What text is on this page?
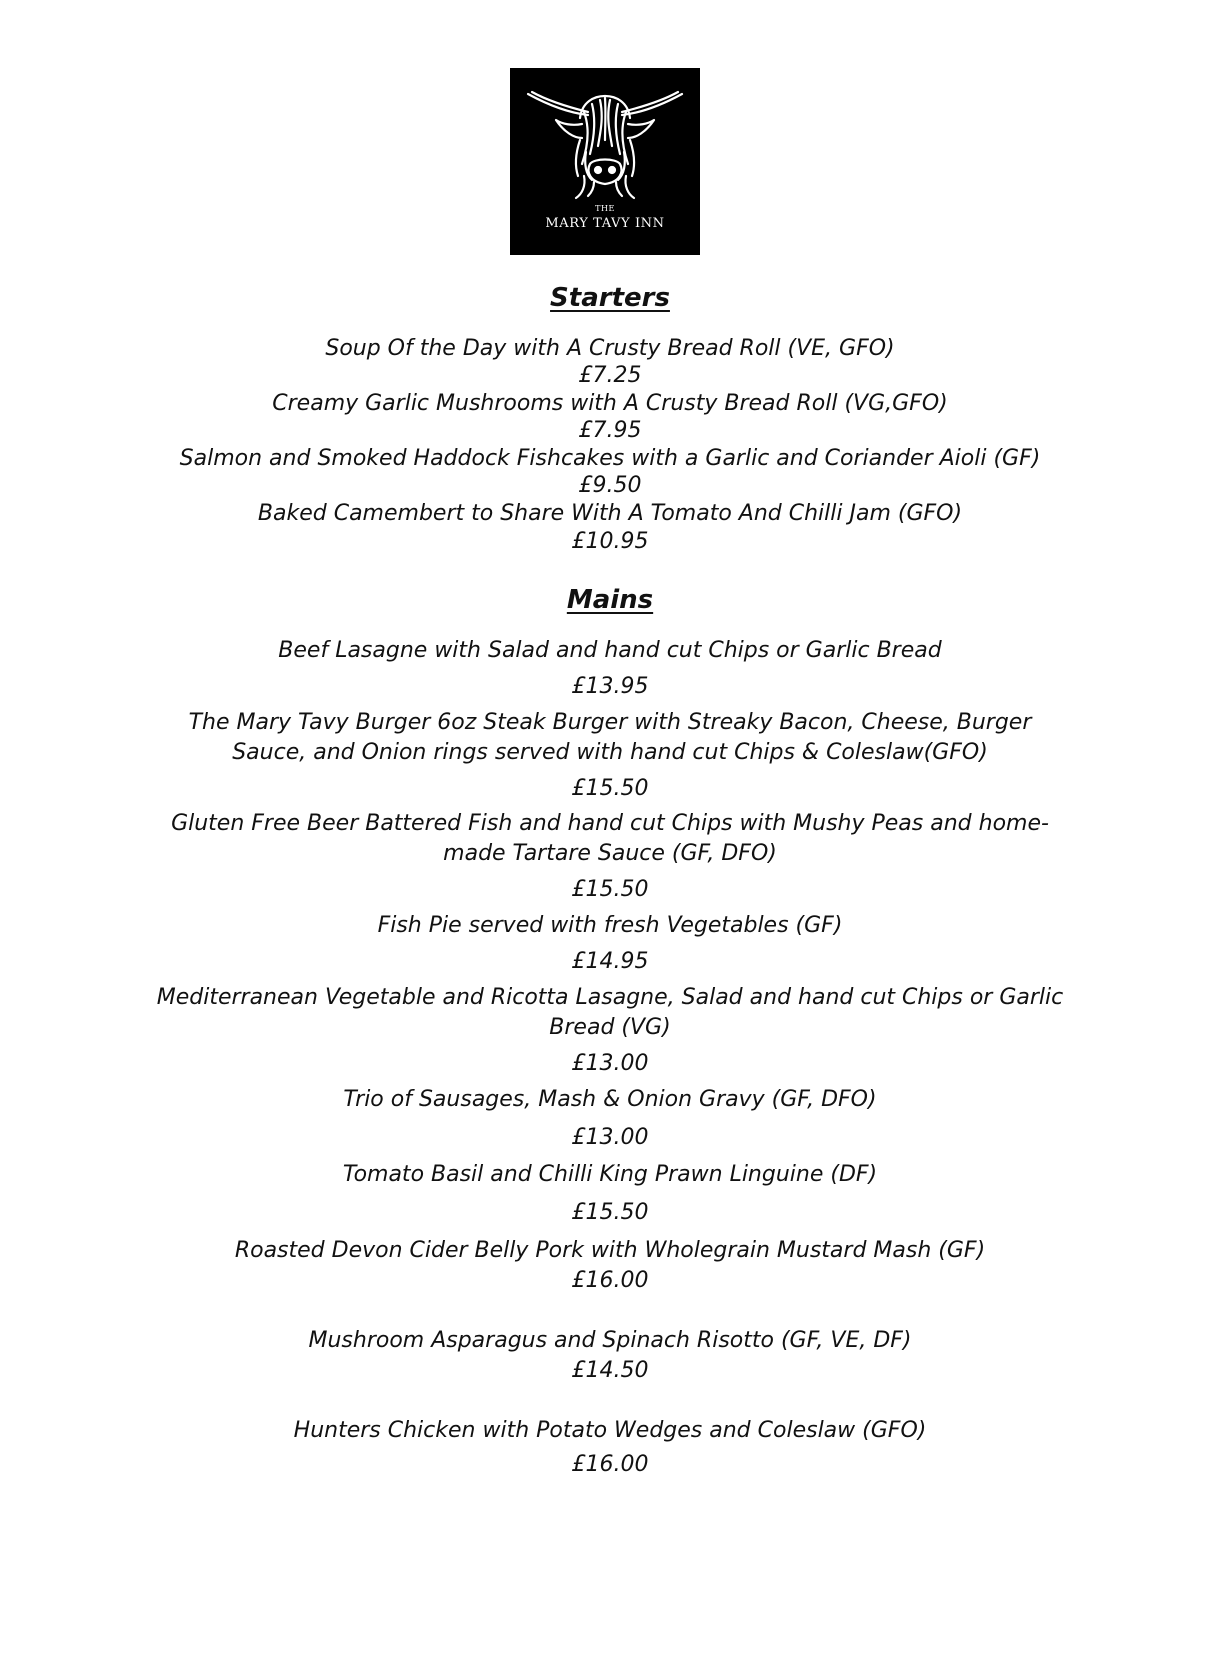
THE
MARY TAVY INN
Starters
Soup Of the Day with A Crusty Bread Roll (VE, GFO)
£7.25
Creamy Garlic Mushrooms with A Crusty Bread Roll (VG,GFO)
£7.95
Salmon and Smoked Haddock Fishcakes with a Garlic and Coriander Aioli (GF)
£9.50
Baked Camembert to Share With A Tomato And Chilli Jam (GFO)
£10.95
Mains
Beef Lasagne with Salad and hand cut Chips or Garlic Bread
£13.95
The Mary Tavy Burger 6oz Steak Burger with Streaky Bacon, Cheese, Burger Sauce, and Onion rings served with hand cut Chips & Coleslaw(GFO)
£15.50
Gluten Free Beer Battered Fish and hand cut Chips with Mushy Peas and home-made Tartare Sauce (GF, DFO)
£15.50
Fish Pie served with fresh Vegetables (GF)
£14.95
Mediterranean Vegetable and Ricotta Lasagne, Salad and hand cut Chips or Garlic Bread (VG)
£13.00
Trio of Sausages, Mash & Onion Gravy (GF, DFO)
£13.00
Tomato Basil and Chilli King Prawn Linguine (DF)
£15.50
Roasted Devon Cider Belly Pork with Wholegrain Mustard Mash (GF)
£16.00
Mushroom Asparagus and Spinach Risotto (GF, VE, DF)
£14.50
Hunters Chicken with Potato Wedges and Coleslaw (GFO)
£16.00
